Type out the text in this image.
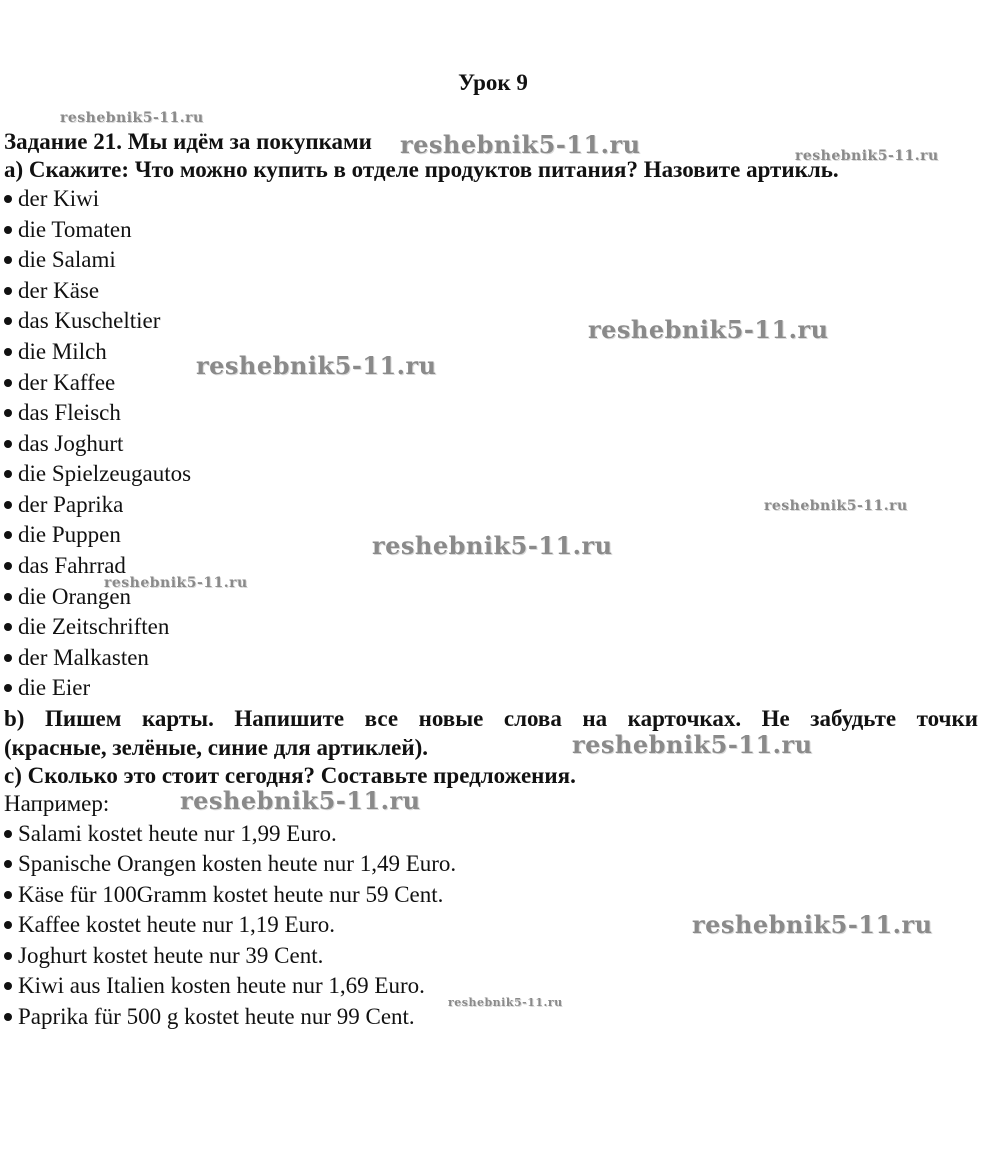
Урок 9
Задание 21. Мы идём за покупками
а) Скажите: Что можно купить в отделе продуктов питания? Назовите артикль.
der Kiwi
die Tomaten
die Salami
der Käse
das Kuscheltier
die Milch
der Kaffee
das Fleisch
das Joghurt
die Spielzeugautos
der Paprika
die Puppen
das Fahrrad
die Orangen
die Zeitschriften
der Malkasten
die Eier
b) Пишем карты. Напишите все новые слова на карточках. Не забудьте точки
(красные, зелёные, синие для артиклей).
с) Сколько это стоит сегодня? Составьте предложения.
Например:
Salami kostet heute nur 1,99 Euro.
Spanische Orangen kosten heute nur 1,49 Euro.
Käse für 100Gramm kostet heute nur 59 Cent.
Kaffee kostet heute nur 1,19 Euro.
Joghurt kostet heute nur 39 Cent.
Kiwi aus Italien kosten heute nur 1,69 Euro.
Paprika für 500 g kostet heute nur 99 Cent.
reshebnik5-11.ru
reshebnik5-11.ru	reshebnik5-11.ru
reshebnik5-11.ru
reshebnik5-11.ru
reshebnik5-11.ru
reshebnik5-11.ru
reshebnik5-11.ru
reshebnik5-11.ru
reshebnik5-11.ru
reshebnik5-11.ru
reshebnik5-11.ru
